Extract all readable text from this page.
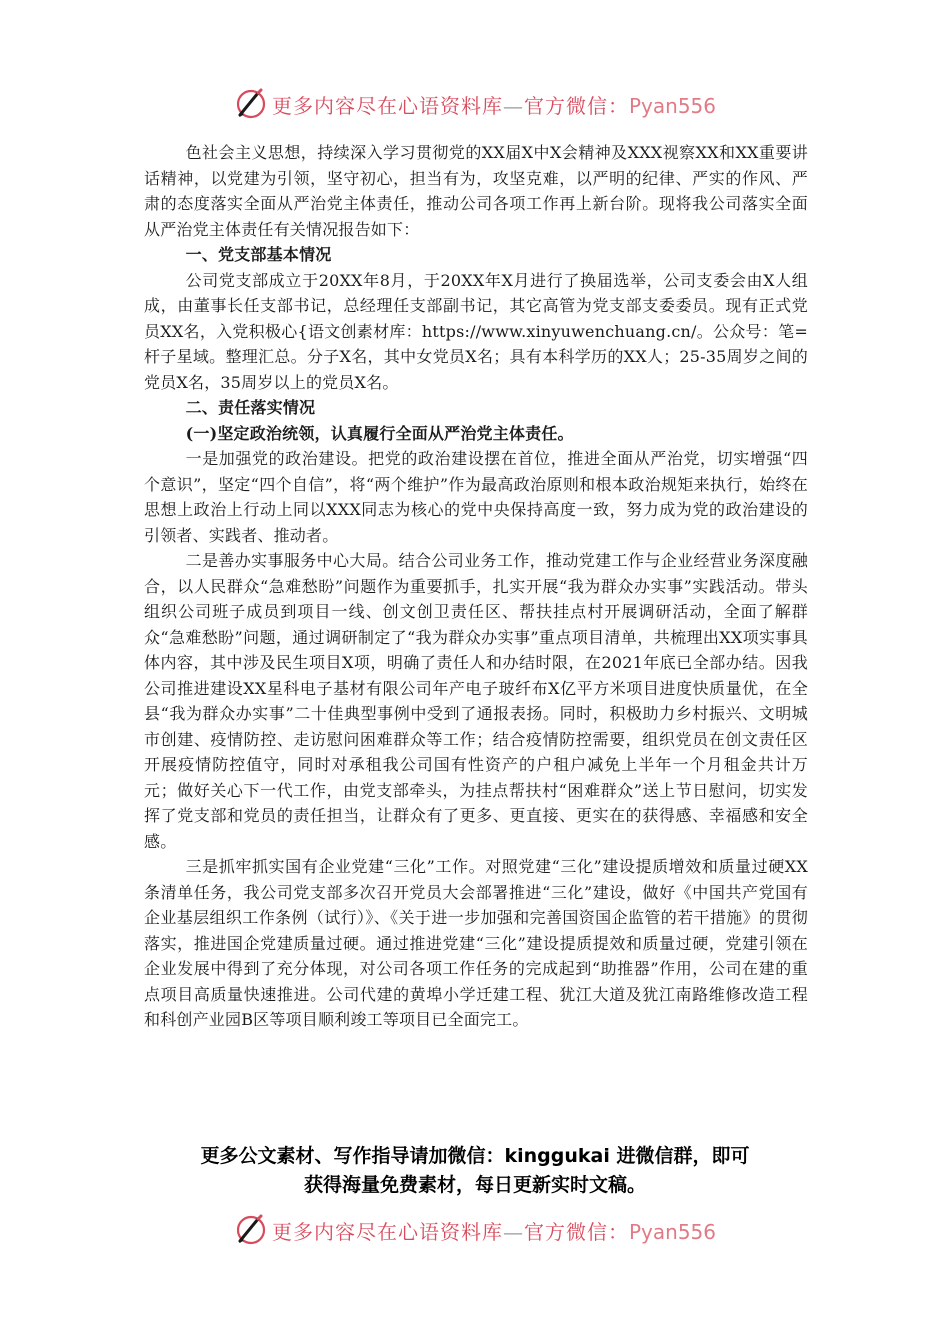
更多内容尽在心语资料库—官方微信：Pyan556

色社会主义思想，持续深入学习贯彻党的XX届X中X会精神及XXX视察XX和XX重要讲话精神，以党建为引领，坚守初心，担当有为，攻坚克难，以严明的纪律、严实的作风、严肃的态度落实全面从严治党主体责任，推动公司各项工作再上新台阶。现将我公司落实全面从严治党主体责任有关情况报告如下：

一、党支部基本情况

公司党支部成立于20XX年8月，于20XX年X月进行了换届选举，公司支委会由X人组成，由董事长任支部书记，总经理任支部副书记，其它高管为党支部支委委员。现有正式党员XX名，入党积极心{语文创素材库：https://www.xinyuwenchuang.cn/。公众号：笔=杆子星域。整理汇总。分子X名，其中女党员X名；具有本科学历的XX人；25-35周岁之间的党员X名，35周岁以上的党员X名。

二、责任落实情况

(一)坚定政治统领，认真履行全面从严治党主体责任。

一是加强党的政治建设。把党的政治建设摆在首位，推进全面从严治党，切实增强“四个意识”，坚定“四个自信”，将“两个维护”作为最高政治原则和根本政治规矩来执行，始终在思想上政治上行动上同以XXX同志为核心的党中央保持高度一致，努力成为党的政治建设的引领者、实践者、推动者。

二是善办实事服务中心大局。结合公司业务工作，推动党建工作与企业经营业务深度融合，以人民群众“急难愁盼”问题作为重要抓手，扎实开展“我为群众办实事”实践活动。带头组织公司班子成员到项目一线、创文创卫责任区、帮扶挂点村开展调研活动，全面了解群众“急难愁盼”问题，通过调研制定了“我为群众办实事”重点项目清单，共梳理出XX项实事具体内容，其中涉及民生项目X项，明确了责任人和办结时限，在2021年底已全部办结。因我公司推进建设XX星科电子基材有限公司年产电子玻纤布X亿平方米项目进度快质量优，在全县“我为群众办实事”二十佳典型事例中受到了通报表扬。同时，积极助力乡村振兴、文明城市创建、疫情防控、走访慰问困难群众等工作；结合疫情防控需要，组织党员在创文责任区开展疫情防控值守，同时对承租我公司国有性资产的户租户减免上半年一个月租金共计万元；做好关心下一代工作，由党支部牵头，为挂点帮扶村“困难群众”送上节日慰问，切实发挥了党支部和党员的责任担当，让群众有了更多、更直接、更实在的获得感、幸福感和安全感。

三是抓牢抓实国有企业党建“三化”工作。对照党建“三化”建设提质增效和质量过硬XX条清单任务，我公司党支部多次召开党员大会部署推进“三化”建设，做好《中国共产党国有企业基层组织工作条例（试行）》、《关于进一步加强和完善国资国企监管的若干措施》的贯彻落实，推进国企党建质量过硬。通过推进党建“三化”建设提质提效和质量过硬，党建引领在企业发展中得到了充分体现，对公司各项工作任务的完成起到“助推器”作用，公司在建的重点项目高质量快速推进。公司代建的黄埠小学迁建工程、犹江大道及犹江南路维修改造工程和科创产业园B区等项目顺利竣工等项目已全面完工。

更多公文素材、写作指导请加微信：kinggukai 进微信群，即可
获得海量免费素材，每日更新实时文稿。
更多内容尽在心语资料库—官方微信：Pyan556
